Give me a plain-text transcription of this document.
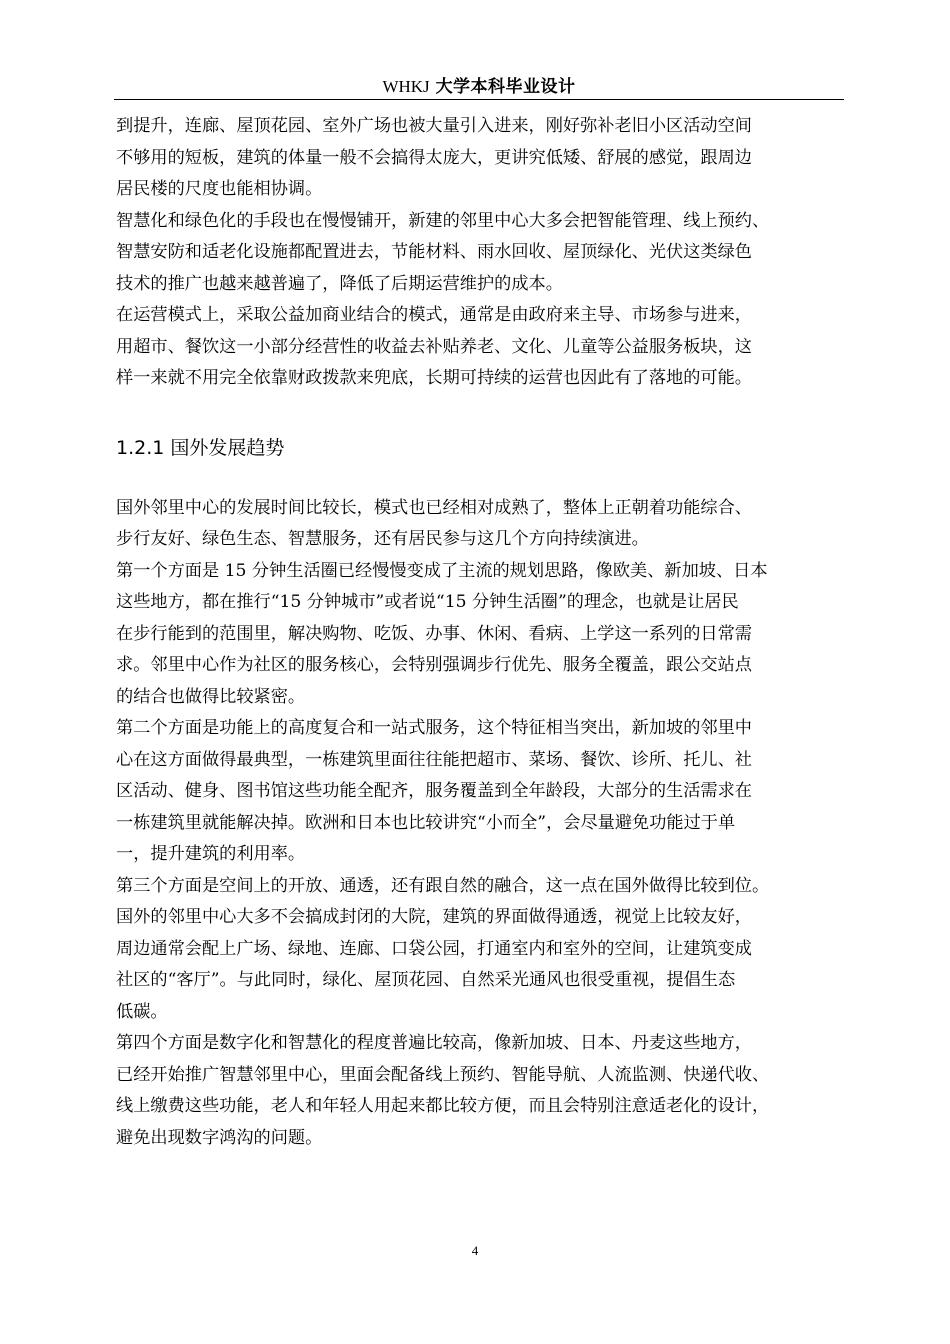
WHKJ 大学本科毕业设计
到提升，连廊、屋顶花园、室外广场也被大量引入进来，刚好弥补老旧小区活动空间
不够用的短板，建筑的体量一般不会搞得太庞大，更讲究低矮、舒展的感觉，跟周边
居民楼的尺度也能相协调。
智慧化和绿色化的手段也在慢慢铺开，新建的邻里中心大多会把智能管理、线上预约、
智慧安防和适老化设施都配置进去，节能材料、雨水回收、屋顶绿化、光伏这类绿色
技术的推广也越来越普遍了，降低了后期运营维护的成本。
在运营模式上，采取公益加商业结合的模式，通常是由政府来主导、市场参与进来，
用超市、餐饮这一小部分经营性的收益去补贴养老、文化、儿童等公益服务板块，这
样一来就不用完全依靠财政拨款来兜底，长期可持续的运营也因此有了落地的可能。
1.2.1 国外发展趋势
国外邻里中心的发展时间比较长，模式也已经相对成熟了，整体上正朝着功能综合、
步行友好、绿色生态、智慧服务，还有居民参与这几个方向持续演进。
第一个方面是 15 分钟生活圈已经慢慢变成了主流的规划思路，像欧美、新加坡、日本
这些地方，都在推行“15 分钟城市”或者说“15 分钟生活圈”的理念，也就是让居民
在步行能到的范围里，解决购物、吃饭、办事、休闲、看病、上学这一系列的日常需
求。邻里中心作为社区的服务核心，会特别强调步行优先、服务全覆盖，跟公交站点
的结合也做得比较紧密。
第二个方面是功能上的高度复合和一站式服务，这个特征相当突出，新加坡的邻里中
心在这方面做得最典型，一栋建筑里面往往能把超市、菜场、餐饮、诊所、托儿、社
区活动、健身、图书馆这些功能全配齐，服务覆盖到全年龄段，大部分的生活需求在
一栋建筑里就能解决掉。欧洲和日本也比较讲究“小而全”，会尽量避免功能过于单
一，提升建筑的利用率。
第三个方面是空间上的开放、通透，还有跟自然的融合，这一点在国外做得比较到位。
国外的邻里中心大多不会搞成封闭的大院，建筑的界面做得通透，视觉上比较友好，
周边通常会配上广场、绿地、连廊、口袋公园，打通室内和室外的空间，让建筑变成
社区的“客厅”。与此同时，绿化、屋顶花园、自然采光通风也很受重视，提倡生态
低碳。
第四个方面是数字化和智慧化的程度普遍比较高，像新加坡、日本、丹麦这些地方，
已经开始推广智慧邻里中心，里面会配备线上预约、智能导航、人流监测、快递代收、
线上缴费这些功能，老人和年轻人用起来都比较方便，而且会特别注意适老化的设计，
避免出现数字鸿沟的问题。
4
